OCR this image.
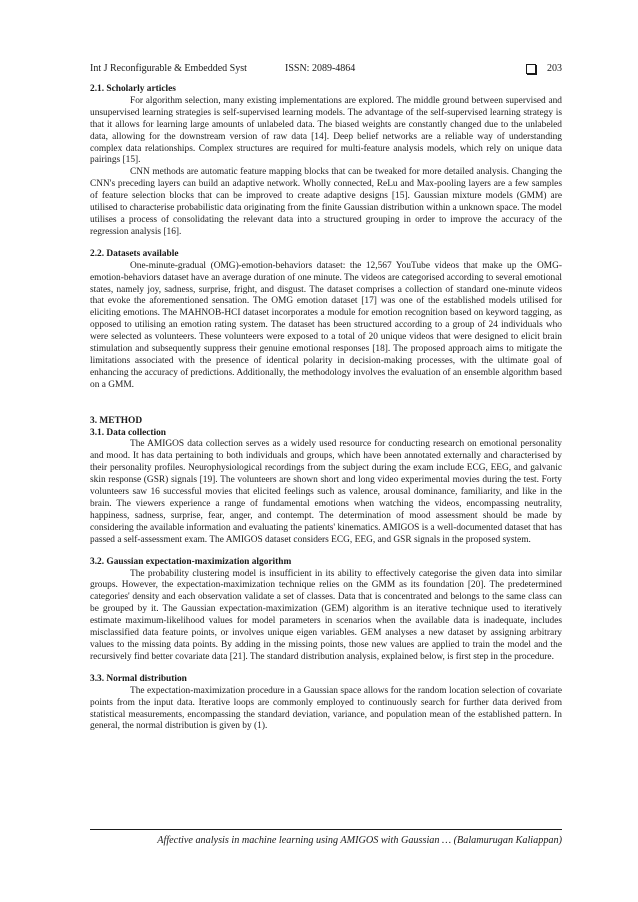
Int J Reconfigurable & Embedded Syst	ISSN: 2089-4864	203

2.1. Scholarly articles

For algorithm selection, many existing implementations are explored. The middle ground between supervised and unsupervised learning strategies is self-supervised learning models. The advantage of the self-supervised learning strategy is that it allows for learning large amounts of unlabeled data. The biased weights are constantly changed due to the unlabeled data, allowing for the downstream version of raw data [14]. Deep belief networks are a reliable way of understanding complex data relationships. Complex structures are required for multi-feature analysis models, which rely on unique data pairings [15].

CNN methods are automatic feature mapping blocks that can be tweaked for more detailed analysis. Changing the CNN's preceding layers can build an adaptive network. Wholly connected, ReLu and Max-pooling layers are a few samples of feature selection blocks that can be improved to create adaptive designs [15]. Gaussian mixture models (GMM) are utilised to characterise probabilistic data originating from the finite Gaussian distribution within a unknown space. The model utilises a process of consolidating the relevant data into a structured grouping in order to improve the accuracy of the regression analysis [16].

2.2. Datasets available

One-minute-gradual (OMG)-emotion-behaviors dataset: the 12,567 YouTube videos that make up the OMG-emotion-behaviors dataset have an average duration of one minute. The videos are categorised according to several emotional states, namely joy, sadness, surprise, fright, and disgust. The dataset comprises a collection of standard one-minute videos that evoke the aforementioned sensation. The OMG emotion dataset [17] was one of the established models utilised for eliciting emotions. The MAHNOB-HCI dataset incorporates a module for emotion recognition based on keyword tagging, as opposed to utilising an emotion rating system. The dataset has been structured according to a group of 24 individuals who were selected as volunteers. These volunteers were exposed to a total of 20 unique videos that were designed to elicit brain stimulation and subsequently suppress their genuine emotional responses [18]. The proposed approach aims to mitigate the limitations associated with the presence of identical polarity in decision-making processes, with the ultimate goal of enhancing the accuracy of predictions. Additionally, the methodology involves the evaluation of an ensemble algorithm based on a GMM.

3. METHOD

3.1. Data collection

The AMIGOS data collection serves as a widely used resource for conducting research on emotional personality and mood. It has data pertaining to both individuals and groups, which have been annotated externally and characterised by their personality profiles. Neurophysiological recordings from the subject during the exam include ECG, EEG, and galvanic skin response (GSR) signals [19]. The volunteers are shown short and long video experimental movies during the test. Forty volunteers saw 16 successful movies that elicited feelings such as valence, arousal dominance, familiarity, and like in the brain. The viewers experience a range of fundamental emotions when watching the videos, encompassing neutrality, happiness, sadness, surprise, fear, anger, and contempt. The determination of mood assessment should be made by considering the available information and evaluating the patients' kinematics. AMIGOS is a well-documented dataset that has passed a self-assessment exam. The AMIGOS dataset considers ECG, EEG, and GSR signals in the proposed system.

3.2. Gaussian expectation-maximization algorithm

The probability clustering model is insufficient in its ability to effectively categorise the given data into similar groups. However, the expectation-maximization technique relies on the GMM as its foundation [20]. The predetermined categories' density and each observation validate a set of classes. Data that is concentrated and belongs to the same class can be grouped by it. The Gaussian expectation-maximization (GEM) algorithm is an iterative technique used to iteratively estimate maximum-likelihood values for model parameters in scenarios when the available data is inadequate, includes misclassified data feature points, or involves unique eigen variables. GEM analyses a new dataset by assigning arbitrary values to the missing data points. By adding in the missing points, those new values are applied to train the model and the recursively find better covariate data [21]. The standard distribution analysis, explained below, is first step in the procedure.

3.3. Normal distribution

The expectation-maximization procedure in a Gaussian space allows for the random location selection of covariate points from the input data. Iterative loops are commonly employed to continuously search for further data derived from statistical measurements, encompassing the standard deviation, variance, and population mean of the established pattern. In general, the normal distribution is given by (1).

Affective analysis in machine learning using AMIGOS with Gaussian … (Balamurugan Kaliappan)
